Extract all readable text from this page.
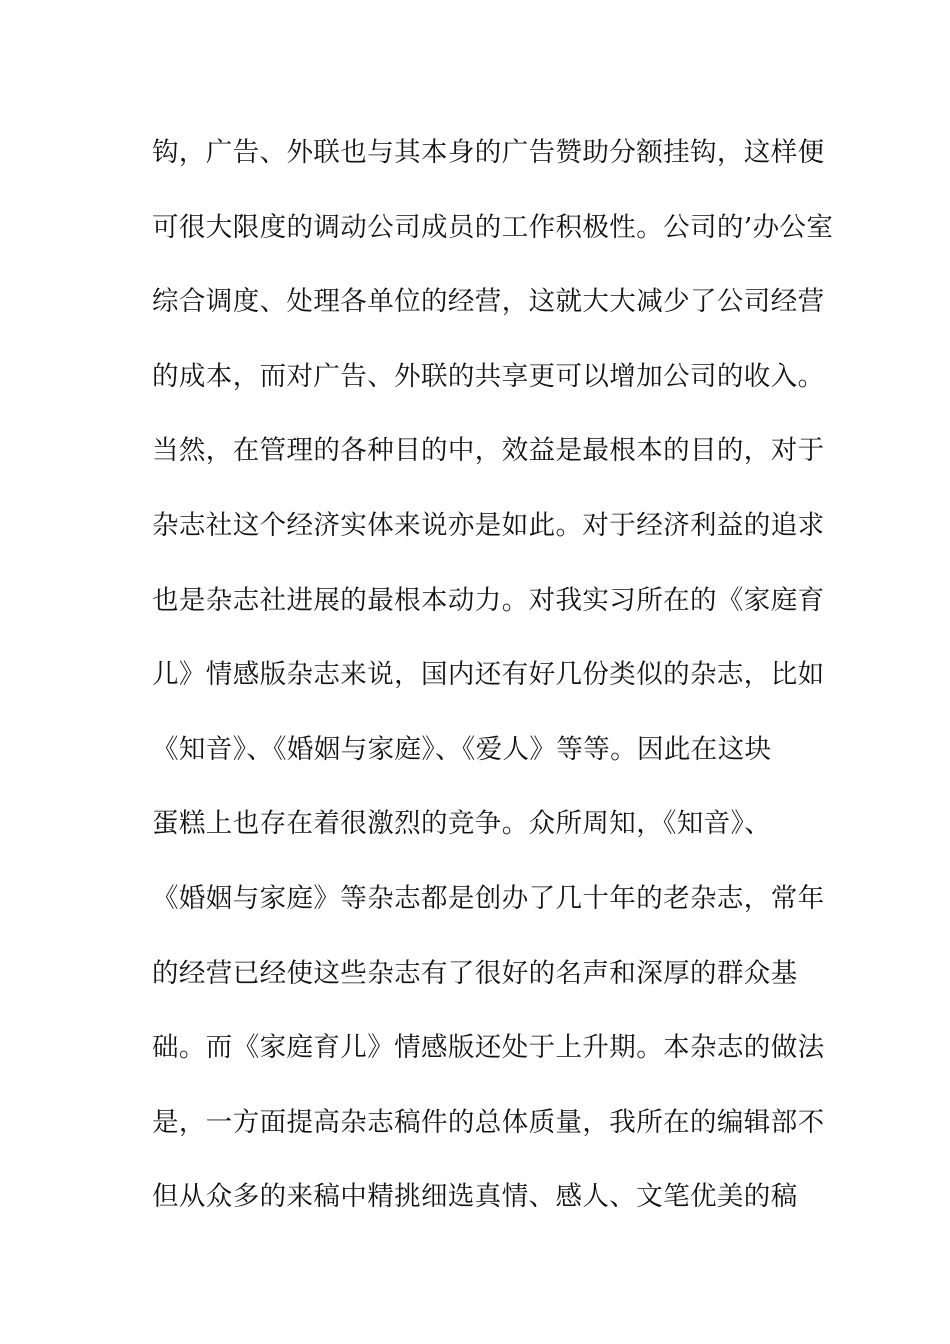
钩，广告、外联也与其本身的广告赞助分额挂钩，这样便
可很大限度的调动公司成员的工作积极性。公司的’办公室
综合调度、处理各单位的经营，这就大大减少了公司经营
的成本，而对广告、外联的共享更可以增加公司的收入。
当然，在管理的各种目的中，效益是最根本的目的，对于
杂志社这个经济实体来说亦是如此。对于经济利益的追求
也是杂志社进展的最根本动力。对我实习所在的《家庭育
儿》情感版杂志来说，国内还有好几份类似的杂志，比如
《知音》、《婚姻与家庭》、《爱人》等等。因此在这块
蛋糕上也存在着很激烈的竞争。众所周知，《知音》、
《婚姻与家庭》等杂志都是创办了几十年的老杂志，常年
的经营已经使这些杂志有了很好的名声和深厚的群众基
础。而《家庭育儿》情感版还处于上升期。本杂志的做法
是，一方面提高杂志稿件的总体质量，我所在的编辑部不
但从众多的来稿中精挑细选真情、感人、文笔优美的稿
